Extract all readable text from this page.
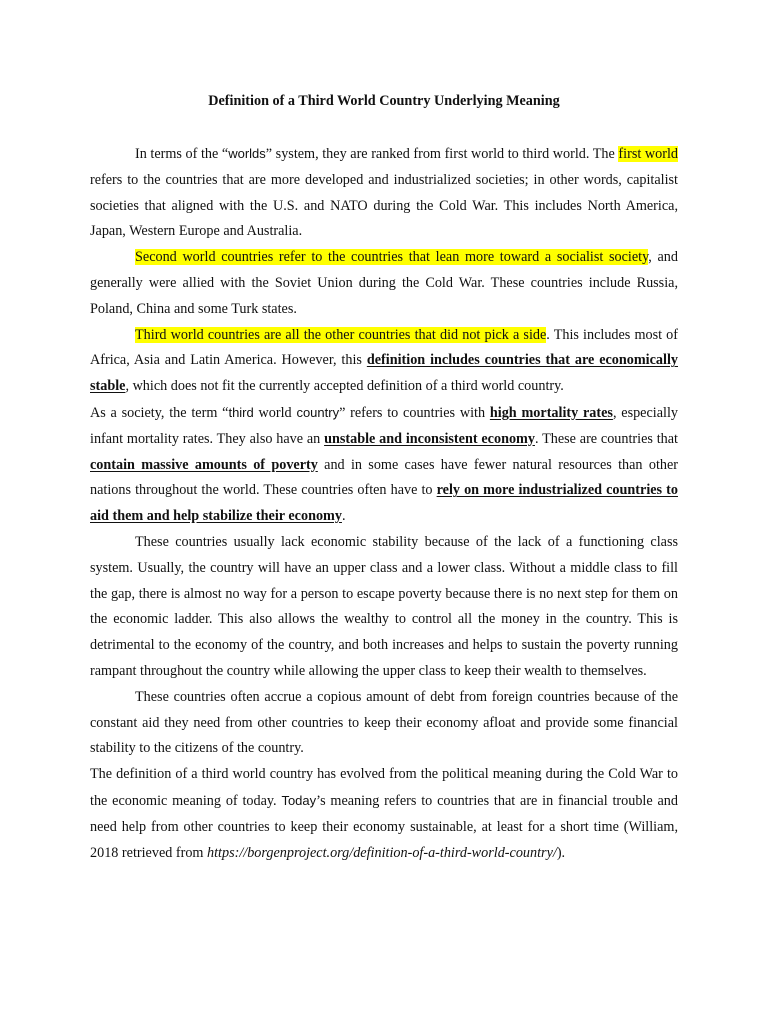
Definition of a Third World Country Underlying Meaning

In terms of the “worlds” system, they are ranked from first world to third world. The first world refers to the countries that are more developed and industrialized societies; in other words, capitalist societies that aligned with the U.S. and NATO during the Cold War. This includes North America, Japan, Western Europe and Australia.

Second world countries refer to the countries that lean more toward a socialist society, and generally were allied with the Soviet Union during the Cold War. These countries include Russia, Poland, China and some Turk states.

Third world countries are all the other countries that did not pick a side. This includes most of Africa, Asia and Latin America. However, this definition includes countries that are economically stable, which does not fit the currently accepted definition of a third world country.

As a society, the term “third world country” refers to countries with high mortality rates, especially infant mortality rates. They also have an unstable and inconsistent economy. These are countries that contain massive amounts of poverty and in some cases have fewer natural resources than other nations throughout the world. These countries often have to rely on more industrialized countries to aid them and help stabilize their economy.

These countries usually lack economic stability because of the lack of a functioning class system. Usually, the country will have an upper class and a lower class. Without a middle class to fill the gap, there is almost no way for a person to escape poverty because there is no next step for them on the economic ladder. This also allows the wealthy to control all the money in the country. This is detrimental to the economy of the country, and both increases and helps to sustain the poverty running rampant throughout the country while allowing the upper class to keep their wealth to themselves.

These countries often accrue a copious amount of debt from foreign countries because of the constant aid they need from other countries to keep their economy afloat and provide some financial stability to the citizens of the country.

The definition of a third world country has evolved from the political meaning during the Cold War to the economic meaning of today. Today’s meaning refers to countries that are in financial trouble and need help from other countries to keep their economy sustainable, at least for a short time (William, 2018 retrieved from https://borgenproject.org/definition-of-a-third-world-country/).
